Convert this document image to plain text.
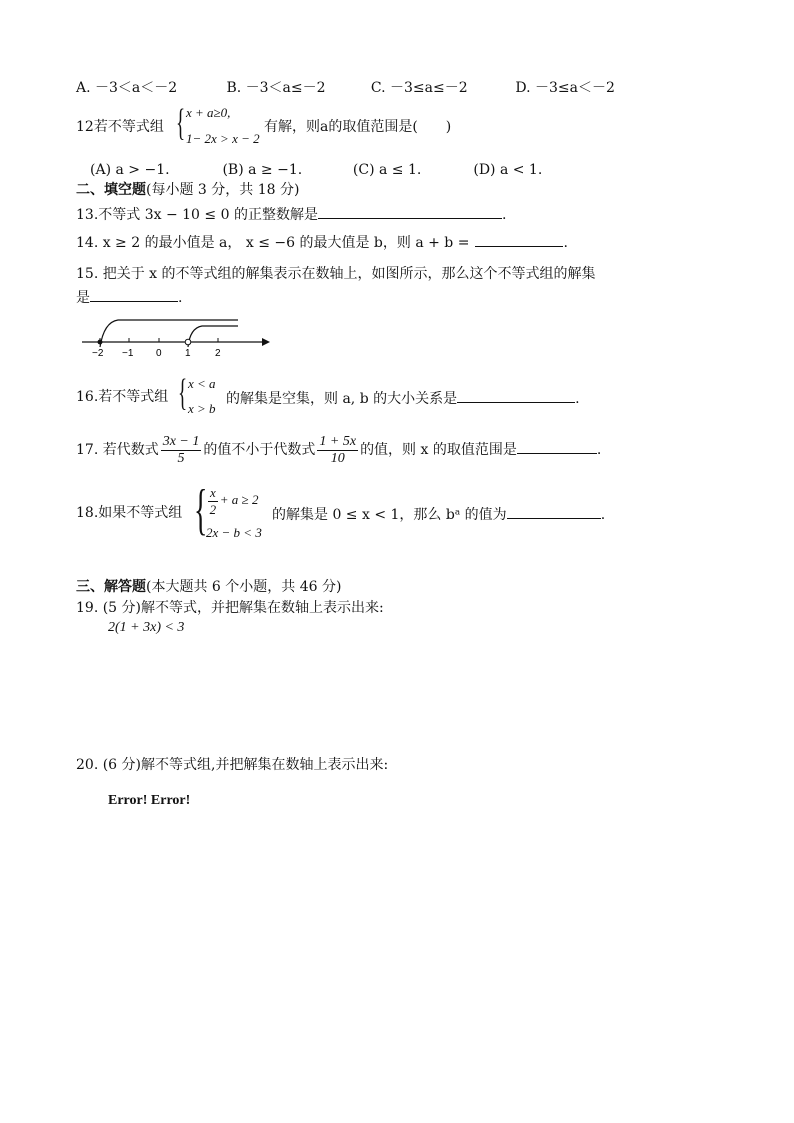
A. －3＜a＜－2	B. －3＜a≤－2	C. －3≤a≤－2	D. －3≤a＜－2
12若不等式组 { x + a≥0,
1− 2x > x − 2
有解，则a的取值范围是(　　)
(A) a > −1.	(B) a ≥ −1.	(C) a ≤ 1.	(D) a < 1.
二、填空题(每小题 3 分，共 18 分)
13.不等式 3x − 10 ≤ 0 的正整数解是	.
14. x ≥ 2 的最小值是 a， x ≤ −6 的最大值是 b，则 a + b =	.
15. 把关于 x 的不等式组的解集表示在数轴上，如图所示，那么这个不等式组的解集
是	.
−2 −1 0 1 2
16.若不等式组 { x < a
x > b
的解集是空集，则 a, b 的大小关系是	.
17. 若代数式 $\frac{3x - 1}{5}$ 的值不小于代数式 $\frac{1 + 5x}{10}$ 的值，则 x 的取值范围是	.
18.如果不等式组 { $\frac{x}{2} + a \ge 2$
2x − b < 3
的解集是 0 ≤ x < 1，那么 bᵃ 的值为	.
三、解答题(本大题共 6 个小题，共 46 分)
19. (5 分)解不等式，并把解集在数轴上表示出来:
2(1 + 3x) < 3
20. (6 分)解不等式组,并把解集在数轴上表示出来:
Error! Error!
